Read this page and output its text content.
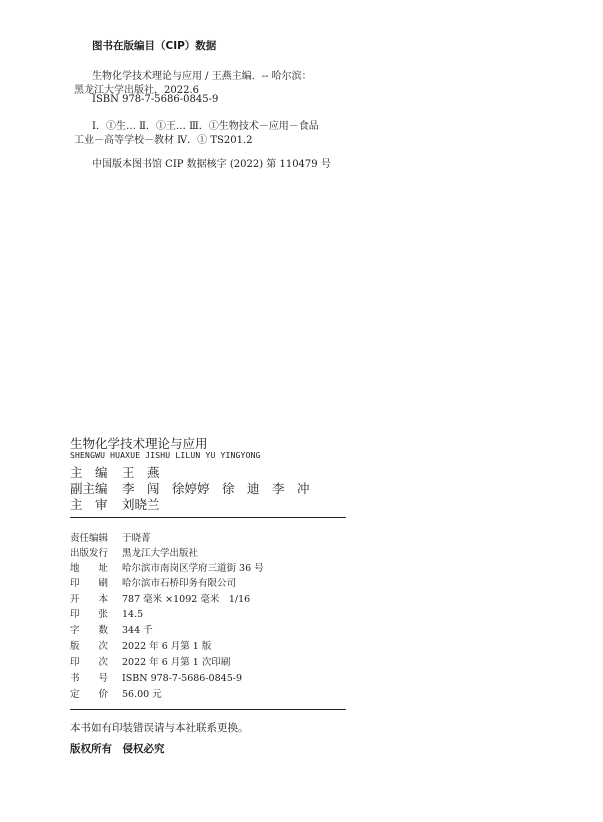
图书在版编目（CIP）数据
生物化学技术理论与应用 / 王燕主编．-- 哈尔滨：
黑龙江大学出版社，2022.6
ISBN 978-7-5686-0845-9
Ⅰ．①生… Ⅱ．①王… Ⅲ．①生物技术－应用－食品
工业－高等学校－教材 Ⅳ．① TS201.2
中国版本图书馆 CIP 数据核字 (2022) 第 110479 号
生物化学技术理论与应用
SHENGWU HUAXUE JISHU LILUN YU YINGYONG
主　编 王　燕
副主编 李　闯　徐婷婷　徐　迪　李　冲
主　审 刘晓兰
责任编辑 于晓菁
出版发行 黑龙江大学出版社
地　　址 哈尔滨市南岗区学府三道街 36 号
印　　刷 哈尔滨市石桥印务有限公司
开　　本 787 毫米 ×1092 毫米　1/16
印　　张 14.5
字　　数 344 千
版　　次 2022 年 6 月第 1 版
印　　次 2022 年 6 月第 1 次印刷
书　　号 ISBN 978-7-5686-0845-9
定　　价 56.00 元
本书如有印装错误请与本社联系更换。
版权所有　侵权必究
